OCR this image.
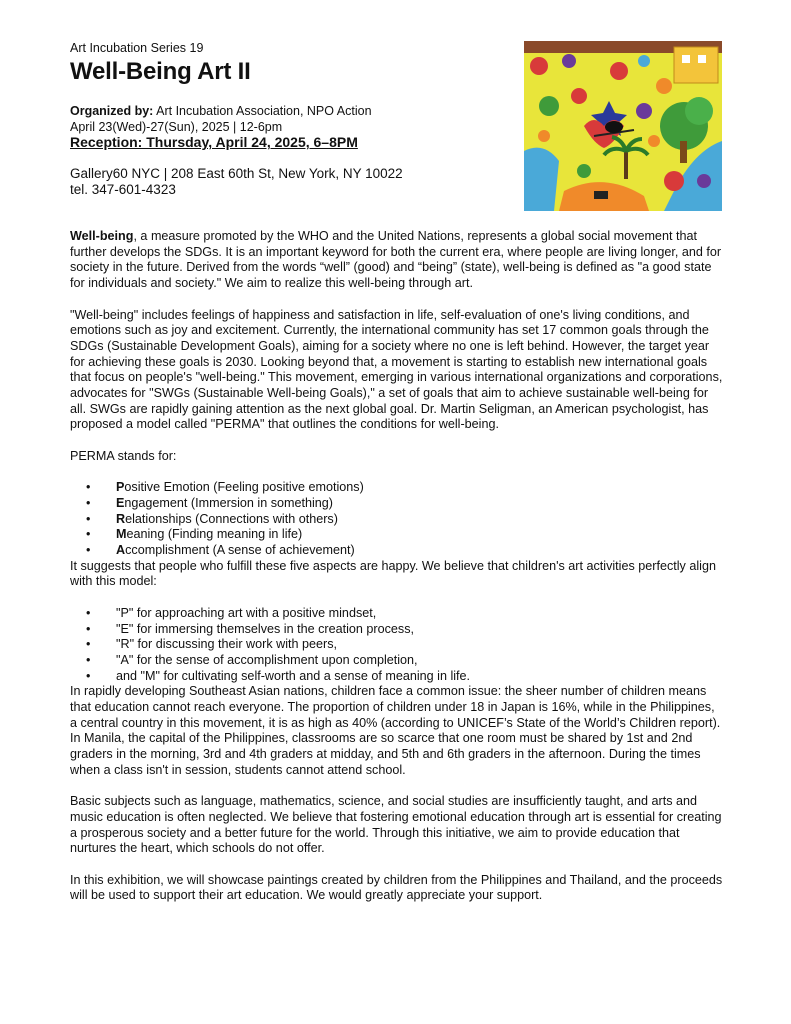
Art Incubation Series 19
Well-Being Art II
Organized by: Art Incubation Association, NPO Action
April 23(Wed)-27(Sun), 2025 | 12-6pm
Reception: Thursday, April 24, 2025, 6–8PM
Gallery60 NYC | 208 East 60th St, New York, NY 10022
tel. 347-601-4323

Well-being, a measure promoted by the WHO and the United Nations, represents a global social movement that further develops the SDGs. It is an important keyword for both the current era, where people are living longer, and for society in the future. Derived from the words “well” (good) and “being” (state), well-being is defined as "a good state for individuals and society." We aim to realize this well-being through art.

"Well-being" includes feelings of happiness and satisfaction in life, self-evaluation of one's living conditions, and emotions such as joy and excitement. Currently, the international community has set 17 common goals through the SDGs (Sustainable Development Goals), aiming for a society where no one is left behind. However, the target year for achieving these goals is 2030. Looking beyond that, a movement is starting to establish new international goals that focus on people's "well-being." This movement, emerging in various international organizations and corporations, advocates for "SWGs (Sustainable Well-being Goals)," a set of goals that aim to achieve sustainable well-being for all. SWGs are rapidly gaining attention as the next global goal. Dr. Martin Seligman, an American psychologist, has proposed a model called "PERMA" that outlines the conditions for well-being.

PERMA stands for:

• Positive Emotion (Feeling positive emotions)
• Engagement (Immersion in something)
• Relationships (Connections with others)
• Meaning (Finding meaning in life)
• Accomplishment (A sense of achievement)

It suggests that people who fulfill these five aspects are happy. We believe that children's art activities perfectly align with this model:

• "P" for approaching art with a positive mindset,
• "E" for immersing themselves in the creation process,
• "R" for discussing their work with peers,
• "A" for the sense of accomplishment upon completion,
• and "M" for cultivating self-worth and a sense of meaning in life.

In rapidly developing Southeast Asian nations, children face a common issue: the sheer number of children means that education cannot reach everyone. The proportion of children under 18 in Japan is 16%, while in the Philippines, a central country in this movement, it is as high as 40% (according to UNICEF’s State of the World’s Children report). In Manila, the capital of the Philippines, classrooms are so scarce that one room must be shared by 1st and 2nd graders in the morning, 3rd and 4th graders at midday, and 5th and 6th graders in the afternoon. During the times when a class isn't in session, students cannot attend school.

Basic subjects such as language, mathematics, science, and social studies are insufficiently taught, and arts and music education is often neglected. We believe that fostering emotional education through art is essential for creating a prosperous society and a better future for the world. Through this initiative, we aim to provide education that nurtures the heart, which schools do not offer.

In this exhibition, we will showcase paintings created by children from the Philippines and Thailand, and the proceeds will be used to support their art education. We would greatly appreciate your support.
